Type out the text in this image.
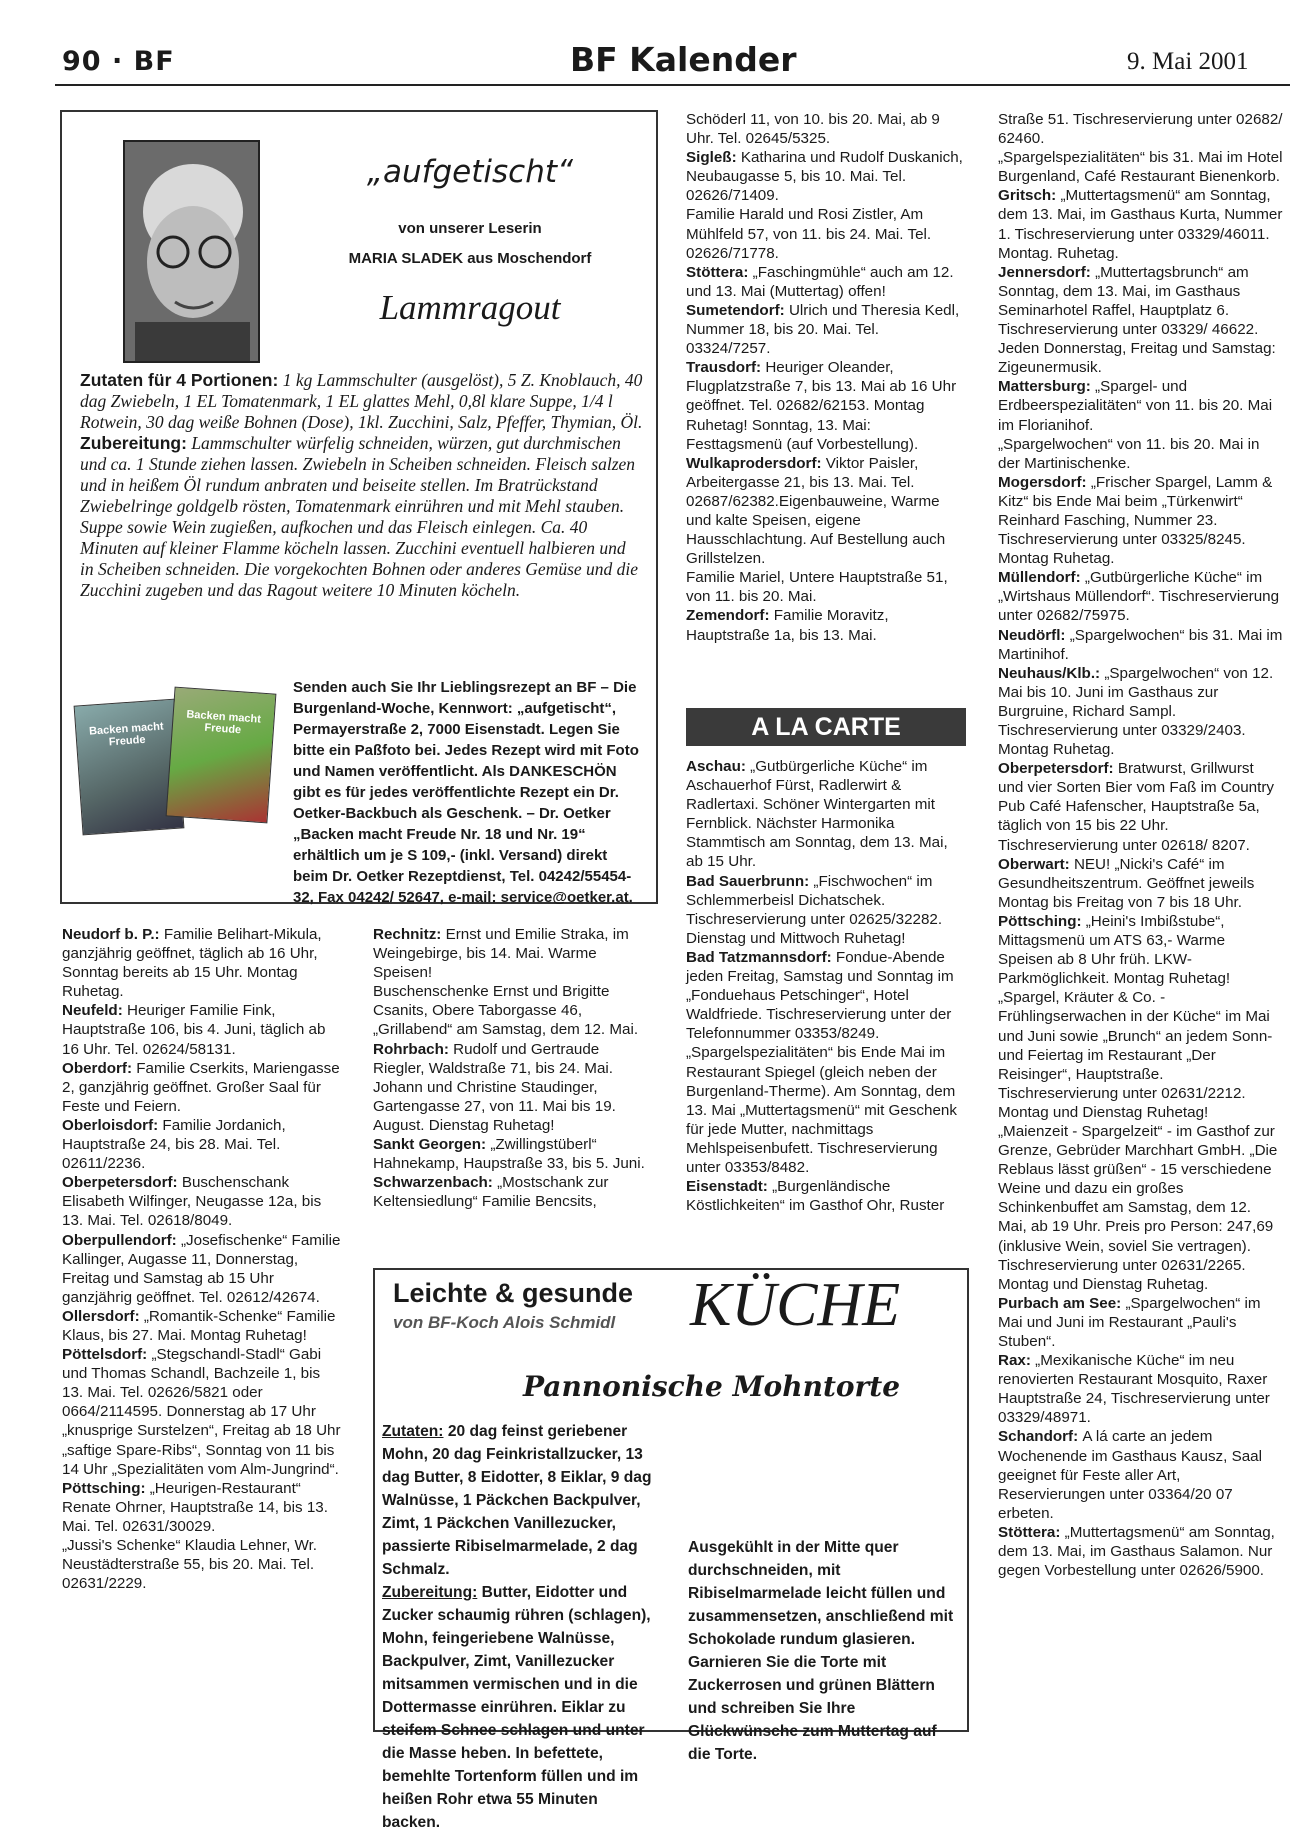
90 · BF	BF Kalender	9. Mai 2001
„aufgetischt“
von unserer Leserin
MARIA SLADEK aus Moschendorf
Lammragout
Zutaten für 4 Portionen: 1 kg Lammschulter (ausgelöst), 5 Z. Knoblauch, 40 dag Zwiebeln, 1 EL Tomatenmark, 1 EL glattes Mehl, 0,8l klare Suppe, 1/4 l Rotwein, 30 dag weiße Bohnen (Dose), 1kl. Zucchini, Salz, Pfeffer, Thymian, Öl.
Zubereitung: Lammschulter würfelig schneiden, würzen, gut durchmischen und ca. 1 Stunde ziehen lassen. Zwiebeln in Scheiben schneiden. Fleisch salzen und in heißem Öl rundum anbraten und beiseite stellen. Im Bratrückstand Zwiebelringe goldgelb rösten, Tomatenmark einrühren und mit Mehl stauben. Suppe sowie Wein zugießen, aufkochen und das Fleisch einlegen. Ca. 40 Minuten auf kleiner Flamme köcheln lassen. Zucchini eventuell halbieren und in Scheiben schneiden. Die vorgekochten Bohnen oder anderes Gemüse und die Zucchini zugeben und das Ragout weitere 10 Minuten köcheln.
Backen macht Freude
Backen macht Freude
Senden auch Sie Ihr Lieblingsrezept an BF – Die Burgenland-Woche, Kennwort: „aufgetischt“, Permayerstraße 2, 7000 Eisenstadt. Legen Sie bitte ein Paßfoto bei. Jedes Rezept wird mit Foto und Namen veröffentlicht. Als DANKESCHÖN gibt es für jedes veröffentlichte Rezept ein Dr. Oetker-Backbuch als Geschenk. – Dr. Oetker „Backen macht Freude Nr. 18 und Nr. 19“ erhältlich um je S 109,- (inkl. Versand) direkt beim Dr. Oetker Rezeptdienst, Tel. 04242/55454-32, Fax 04242/ 52647, e-mail: service@oetker.at.

Neudorf b. P.: Familie Belihart-Mikula, ganzjährig geöffnet, täglich ab 16 Uhr, Sonntag bereits ab 15 Uhr. Montag Ruhetag.

Neufeld: Heuriger Familie Fink, Hauptstraße 106, bis 4. Juni, täglich ab 16 Uhr. Tel. 02624/58131.

Oberdorf: Familie Cserkits, Mariengasse 2, ganzjährig geöffnet. Großer Saal für Feste und Feiern.

Oberloisdorf: Familie Jordanich, Hauptstraße 24, bis 28. Mai. Tel. 02611/2236.

Oberpetersdorf: Buschenschank Elisabeth Wilfinger, Neugasse 12a, bis 13. Mai. Tel. 02618/8049.

Oberpullendorf: „Josefischenke“ Familie Kallinger, Augasse 11, Donnerstag, Freitag und Samstag ab 15 Uhr ganzjährig geöffnet. Tel. 02612/42674.

Ollersdorf: „Romantik-Schenke“ Familie Klaus, bis 27. Mai. Montag Ruhetag!

Pöttelsdorf: „Stegschandl-Stadl“ Gabi und Thomas Schandl, Bachzeile 1, bis 13. Mai. Tel. 02626/5821 oder 0664/2114595. Donnerstag ab 17 Uhr „knusprige Surstelzen“, Freitag ab 18 Uhr „saftige Spare-Ribs“, Sonntag von 11 bis 14 Uhr „Spezialitäten vom Alm-Jungrind“.

Pöttsching: „Heurigen-Restaurant“ Renate Ohrner, Hauptstraße 14, bis 13. Mai. Tel. 02631/30029.

„Jussi's Schenke“ Klaudia Lehner, Wr. Neustädterstraße 55, bis 20. Mai. Tel. 02631/2229.

Rechnitz: Ernst und Emilie Straka, im Weingebirge, bis 14. Mai. Warme Speisen!

Buschenschenke Ernst und Brigitte Csanits, Obere Taborgasse 46, „Grillabend“ am Samstag, dem 12. Mai.

Rohrbach: Rudolf und Gertraude Riegler, Waldstraße 71, bis 24. Mai.

Johann und Christine Staudinger, Gartengasse 27, von 11. Mai bis 19. August. Dienstag Ruhetag!

Sankt Georgen: „Zwillingstüberl“ Hahnekamp, Haupstraße 33, bis 5. Juni.

Schwarzenbach: „Mostschank zur Keltensiedlung“ Familie Bencsits,

Schöderl 11, von 10. bis 20. Mai, ab 9 Uhr. Tel. 02645/5325.

Sigleß: Katharina und Rudolf Duskanich, Neubaugasse 5, bis 10. Mai. Tel. 02626/71409.

Familie Harald und Rosi Zistler, Am Mühlfeld 57, von 11. bis 24. Mai. Tel. 02626/71778.

Stöttera: „Faschingmühle“ auch am 12. und 13. Mai (Muttertag) offen!

Sumetendorf: Ulrich und Theresia Kedl, Nummer 18, bis 20. Mai. Tel. 03324/7257.

Trausdorf: Heuriger Oleander, Flugplatzstraße 7, bis 13. Mai ab 16 Uhr geöffnet. Tel. 02682/62153. Montag Ruhetag! Sonntag, 13. Mai: Festtagsmenü (auf Vorbestellung).

Wulkaprodersdorf: Viktor Paisler, Arbeitergasse 21, bis 13. Mai. Tel. 02687/62382.Eigenbauweine, Warme und kalte Speisen, eigene Hausschlachtung. Auf Bestellung auch Grillstelzen.

Familie Mariel, Untere Hauptstraße 51, von 11. bis 20. Mai.

Zemendorf: Familie Moravitz, Hauptstraße 1a, bis 13. Mai.

A LA CARTE

Aschau: „Gutbürgerliche Küche“ im Aschauerhof Fürst, Radlerwirt & Radlertaxi. Schöner Wintergarten mit Fernblick. Nächster Harmonika Stammtisch am Sonntag, dem 13. Mai, ab 15 Uhr.

Bad Sauerbrunn: „Fischwochen“ im Schlemmerbeisl Dichatschek. Tischreservierung unter 02625/32282. Dienstag und Mittwoch Ruhetag!

Bad Tatzmannsdorf: Fondue-Abende jeden Freitag, Samstag und Sonntag im „Fonduehaus Petschinger“, Hotel Waldfriede. Tischreservierung unter der Telefonnummer 03353/8249.

„Spargelspezialitäten“ bis Ende Mai im Restaurant Spiegel (gleich neben der Burgenland-Therme). Am Sonntag, dem 13. Mai „Muttertagsmenü“ mit Geschenk für jede Mutter, nachmittags Mehlspeisenbufett. Tischreservierung unter 03353/8482.

Eisenstadt: „Burgenländische Köstlichkeiten“ im Gasthof Ohr, Ruster

Straße 51. Tischreservierung unter 02682/ 62460.

„Spargelspezialitäten“ bis 31. Mai im Hotel Burgenland, Café Restaurant Bienenkorb.

Gritsch: „Muttertagsmenü“ am Sonntag, dem 13. Mai, im Gasthaus Kurta, Nummer 1. Tischreservierung unter 03329/46011. Montag. Ruhetag.

Jennersdorf: „Muttertagsbrunch“ am Sonntag, dem 13. Mai, im Gasthaus Seminarhotel Raffel, Hauptplatz 6. Tischreservierung unter 03329/ 46622. Jeden Donnerstag, Freitag und Samstag: Zigeunermusik.

Mattersburg: „Spargel- und Erdbeerspezialitäten“ von 11. bis 20. Mai im Florianihof.

„Spargelwochen“ von 11. bis 20. Mai in der Martinischenke.

Mogersdorf: „Frischer Spargel, Lamm & Kitz“ bis Ende Mai beim „Türkenwirt“ Reinhard Fasching, Nummer 23. Tischreservierung unter 03325/8245. Montag Ruhetag.

Müllendorf: „Gutbürgerliche Küche“ im „Wirtshaus Müllendorf“. Tischreservierung unter 02682/75975.

Neudörfl: „Spargelwochen“ bis 31. Mai im Martinihof.

Neuhaus/Klb.: „Spargelwochen“ von 12. Mai bis 10. Juni im Gasthaus zur Burgruine, Richard Sampl. Tischreservierung unter 03329/2403. Montag Ruhetag.

Oberpetersdorf: Bratwurst, Grillwurst und vier Sorten Bier vom Faß im Country Pub Café Hafenscher, Hauptstraße 5a, täglich von 15 bis 22 Uhr. Tischreservierung unter 02618/ 8207.

Oberwart: NEU! „Nicki's Café“ im Gesundheitszentrum. Geöffnet jeweils Montag bis Freitag von 7 bis 18 Uhr.

Pöttsching: „Heini's Imbißstube“, Mittagsmenü um ATS 63,- Warme Speisen ab 8 Uhr früh. LKW-Parkmöglichkeit. Montag Ruhetag!

„Spargel, Kräuter & Co. - Frühlingserwachen in der Küche“ im Mai und Juni sowie „Brunch“ an jedem Sonn- und Feiertag im Restaurant „Der Reisinger“, Hauptstraße. Tischreservierung unter 02631/2212. Montag und Dienstag Ruhetag!

„Maienzeit - Spargelzeit“ - im Gasthof zur Grenze, Gebrüder Marchhart GmbH. „Die Reblaus lässt grüßen“ - 15 verschiedene Weine und dazu ein großes Schinkenbuffet am Samstag, dem 12. Mai, ab 19 Uhr. Preis pro Person: 247,69 (inklusive Wein, soviel Sie vertragen). Tischreservierung unter 02631/2265. Montag und Dienstag Ruhetag.

Purbach am See: „Spargelwochen“ im Mai und Juni im Restaurant „Pauli's Stuben“.

Rax: „Mexikanische Küche“ im neu renovierten Restaurant Mosquito, Raxer Hauptstraße 24, Tischreservierung unter 03329/48971.

Schandorf: A lá carte an jedem Wochenende im Gasthaus Kausz, Saal geeignet für Feste aller Art, Reservierungen unter 03364/20 07 erbeten.

Stöttera: „Muttertagsmenü“ am Sonntag, dem 13. Mai, im Gasthaus Salamon. Nur gegen Vorbestellung unter 02626/5900.

Leichte & gesunde
von BF-Koch Alois Schmidl KÜCHE
Pannonische Mohntorte
Zutaten: 20 dag feinst geriebener Mohn, 20 dag Feinkristallzucker, 13 dag Butter, 8 Eidotter, 8 Eiklar, 9 dag Walnüsse, 1 Päckchen Backpulver, Zimt, 1 Päckchen Vanillezucker, passierte Ribiselmarmelade, 2 dag Schmalz.
Zubereitung: Butter, Eidotter und Zucker schaumig rühren (schlagen), Mohn, feingeriebene Walnüsse, Backpulver, Zimt, Vanillezucker mitsammen vermischen und in die Dottermasse einrühren. Eiklar zu steifem Schnee schlagen und unter die Masse heben. In befettete, bemehlte Tortenform füllen und im heißen Rohr etwa 55 Minuten backen.
Ausgekühlt in der Mitte quer durchschneiden, mit Ribiselmarmelade leicht füllen und zusammensetzen, anschließend mit Schokolade rundum glasieren.
Garnieren Sie die Torte mit Zuckerrosen und grünen Blättern und schreiben Sie Ihre Glückwünsche zum Muttertag auf die Torte.
